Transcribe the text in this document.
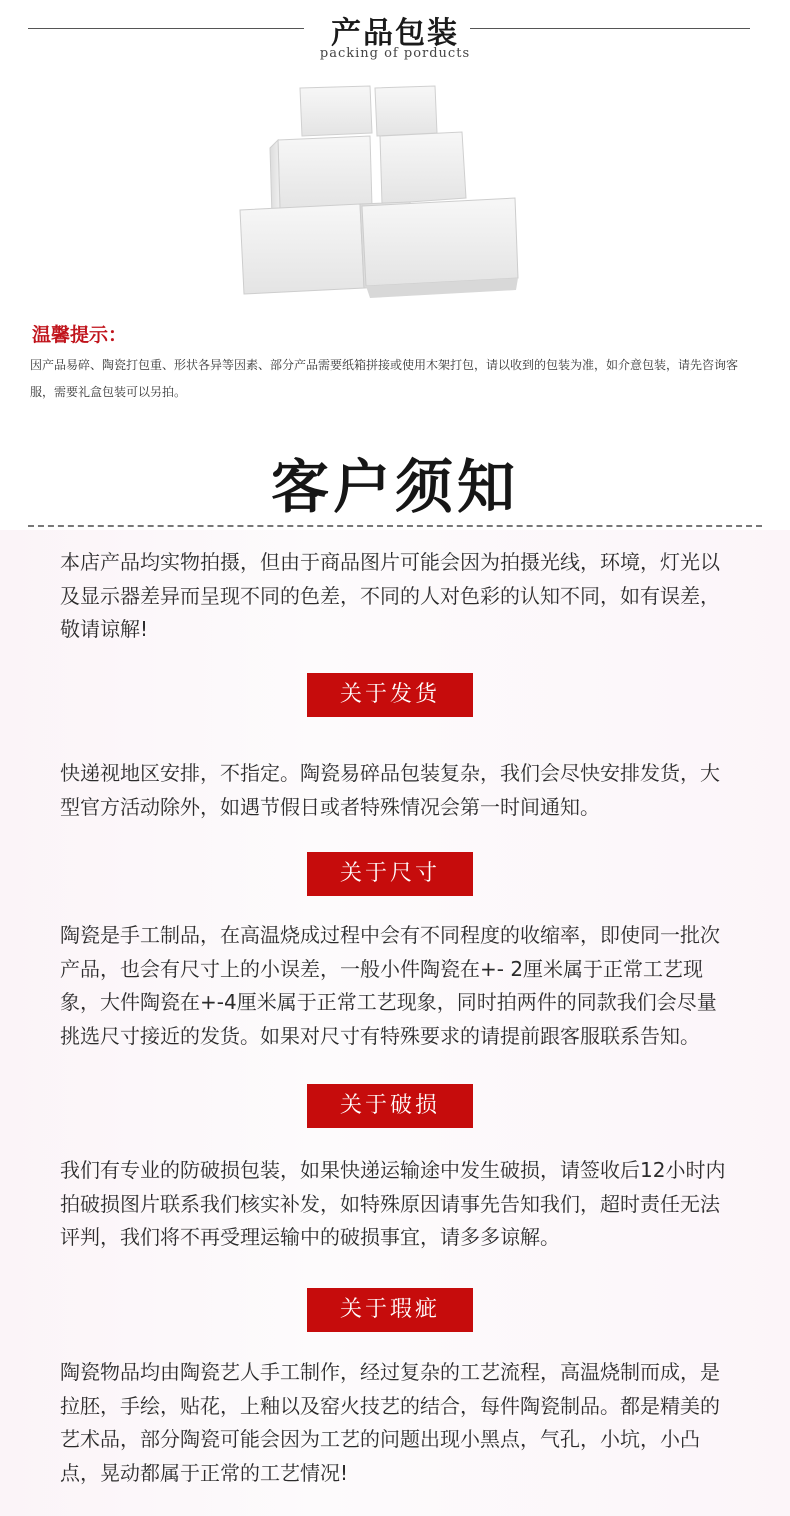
产品包装
packing of porducts
温馨提示：
因产品易碎、陶瓷打包重、形状各异等因素、部分产品需要纸箱拼接或使用木架打包，请以收到的包装为准，如介意包装，请先咨询客服，需要礼盒包装可以另拍。
客户须知
本店产品均实物拍摄，但由于商品图片可能会因为拍摄光线，环境，灯光以及显示器差异而呈现不同的色差，不同的人对色彩的认知不同，如有误差，敬请谅解!
关于发货
快递视地区安排，不指定。陶瓷易碎品包装复杂，我们会尽快安排发货，大型官方活动除外，如遇节假日或者特殊情况会第一时间通知。
关于尺寸
陶瓷是手工制品，在高温烧成过程中会有不同程度的收缩率，即使同一批次产品，也会有尺寸上的小误差，一般小件陶瓷在+- 2厘米属于正常工艺现象，大件陶瓷在+-4厘米属于正常工艺现象，同时拍两件的同款我们会尽量挑选尺寸接近的发货。如果对尺寸有特殊要求的请提前跟客服联系告知。
关于破损
我们有专业的防破损包装，如果快递运输途中发生破损，请签收后12小时内拍破损图片联系我们核实补发，如特殊原因请事先告知我们，超时责任无法评判，我们将不再受理运输中的破损事宜，请多多谅解。
关于瑕疵
陶瓷物品均由陶瓷艺人手工制作，经过复杂的工艺流程，高温烧制而成，是拉胚，手绘，贴花，上釉以及窑火技艺的结合，每件陶瓷制品。都是精美的艺术品，部分陶瓷可能会因为工艺的问题出现小黑点，气孔，小坑，小凸点，晃动都属于正常的工艺情况!
